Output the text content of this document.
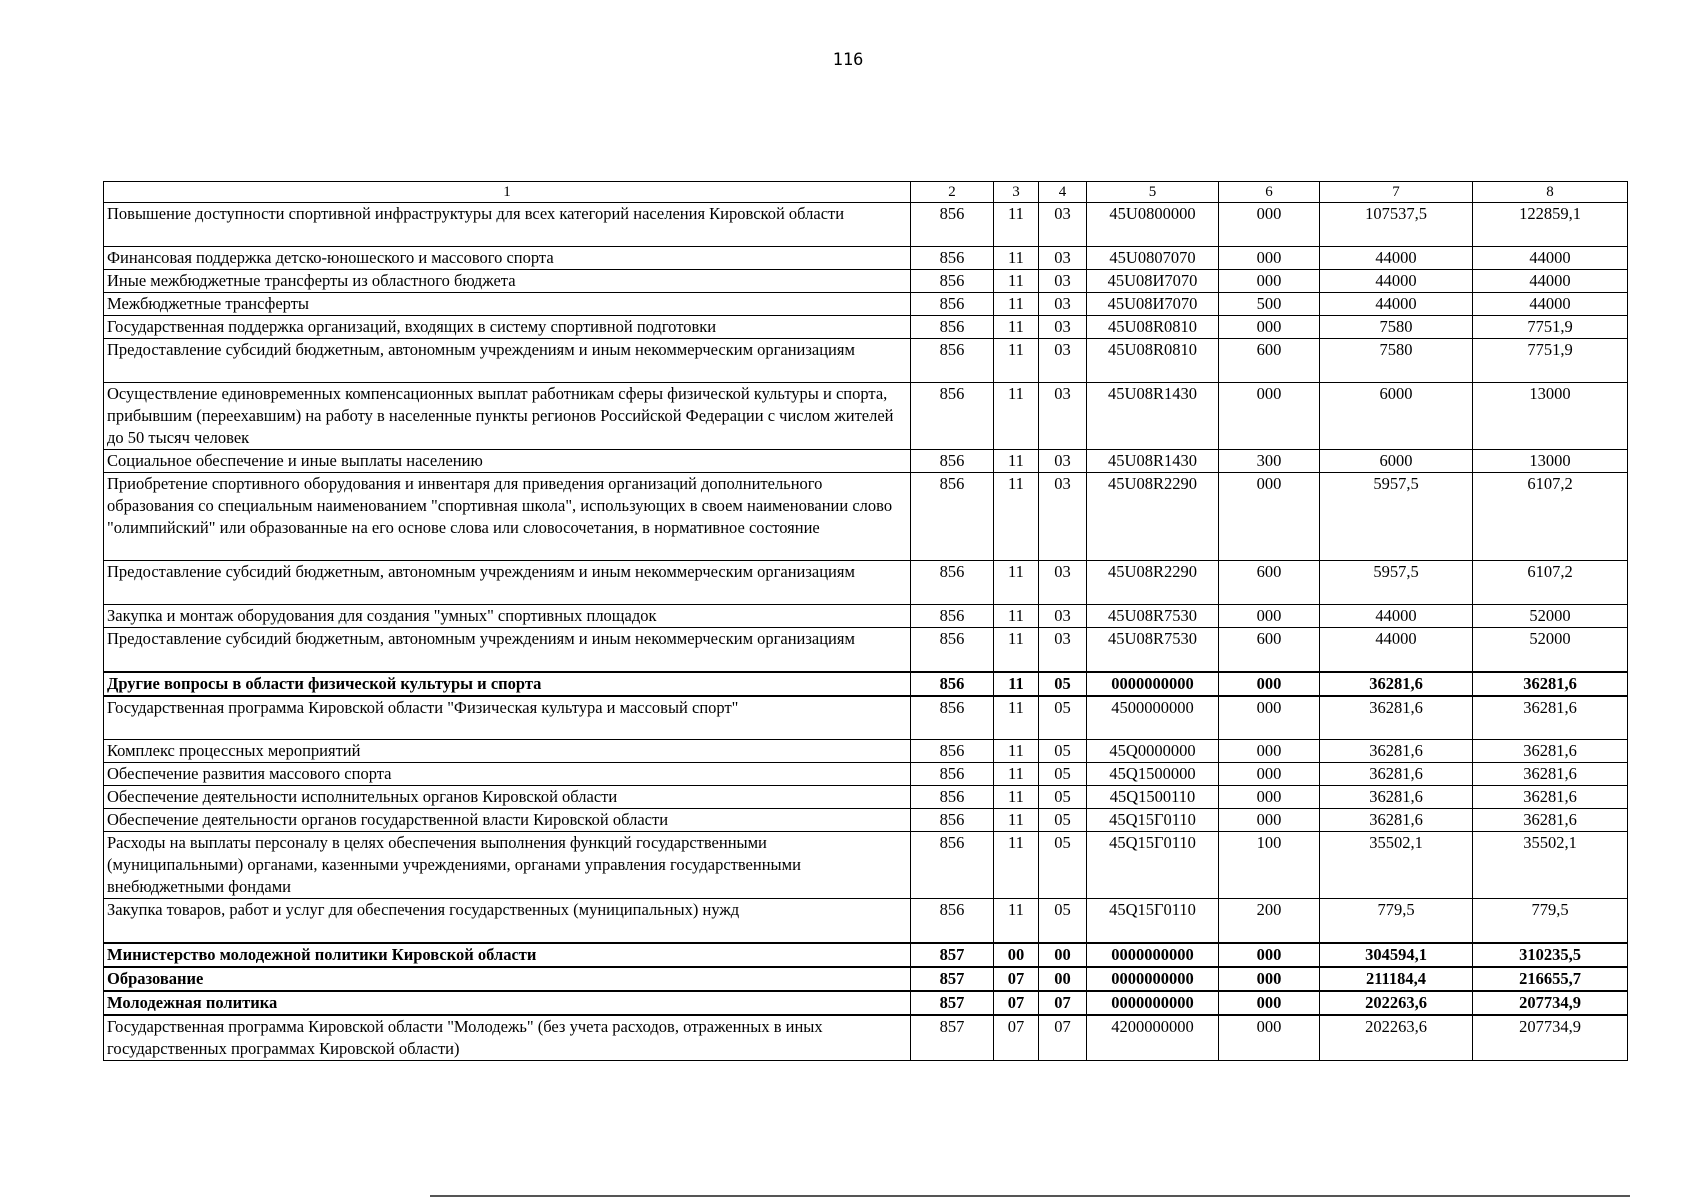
116
1	2	3	4	5	6	7	8
Повышение доступности спортивной инфраструктуры для всех категорий населения Кировской области	856	11	03	45U0800000	000	107537,5	122859,1
Финансовая поддержка детско-юношеского и массового спорта	856	11	03	45U0807070	000	44000	44000
Иные межбюджетные трансферты из областного бюджета	856	11	03	45U08И7070	000	44000	44000
Межбюджетные трансферты	856	11	03	45U08И7070	500	44000	44000
Государственная поддержка организаций, входящих в систему спортивной подготовки	856	11	03	45U08R0810	000	7580	7751,9
Предоставление субсидий бюджетным, автономным учреждениям и иным некоммерческим организациям	856	11	03	45U08R0810	600	7580	7751,9
Осуществление единовременных компенсационных выплат работникам сферы физической культуры и спорта, прибывшим (переехавшим) на работу в населенные пункты регионов Российской Федерации с числом жителей до 50 тысяч человек	856	11	03	45U08R1430	000	6000	13000
Социальное обеспечение и иные выплаты населению	856	11	03	45U08R1430	300	6000	13000
Приобретение спортивного оборудования и инвентаря для приведения организаций дополнительного образования со специальным наименованием "спортивная школа", использующих в своем наименовании слово "олимпийский" или образованные на его основе слова или словосочетания, в нормативное состояние	856	11	03	45U08R2290	000	5957,5	6107,2
Предоставление субсидий бюджетным, автономным учреждениям и иным некоммерческим организациям	856	11	03	45U08R2290	600	5957,5	6107,2
Закупка и монтаж оборудования для создания "умных" спортивных площадок	856	11	03	45U08R7530	000	44000	52000
Предоставление субсидий бюджетным, автономным учреждениям и иным некоммерческим организациям	856	11	03	45U08R7530	600	44000	52000
Другие вопросы в области физической культуры и спорта	856	11	05	0000000000	000	36281,6	36281,6
Государственная программа Кировской области "Физическая культура и массовый спорт"	856	11	05	4500000000	000	36281,6	36281,6
Комплекс процессных мероприятий	856	11	05	45Q0000000	000	36281,6	36281,6
Обеспечение развития массового спорта	856	11	05	45Q1500000	000	36281,6	36281,6
Обеспечение деятельности исполнительных органов Кировской области	856	11	05	45Q1500110	000	36281,6	36281,6
Обеспечение деятельности органов государственной власти Кировской области	856	11	05	45Q15Г0110	000	36281,6	36281,6
Расходы на выплаты персоналу в целях обеспечения выполнения функций государственными (муниципальными) органами, казенными учреждениями, органами управления государственными внебюджетными фондами	856	11	05	45Q15Г0110	100	35502,1	35502,1
Закупка товаров, работ и услуг для обеспечения государственных (муниципальных) нужд	856	11	05	45Q15Г0110	200	779,5	779,5
Министерство молодежной политики Кировской области	857	00	00	0000000000	000	304594,1	310235,5
Образование	857	07	00	0000000000	000	211184,4	216655,7
Молодежная политика	857	07	07	0000000000	000	202263,6	207734,9
Государственная программа Кировской области "Молодежь" (без учета расходов, отраженных в иных государственных программах Кировской области)	857	07	07	4200000000	000	202263,6	207734,9
